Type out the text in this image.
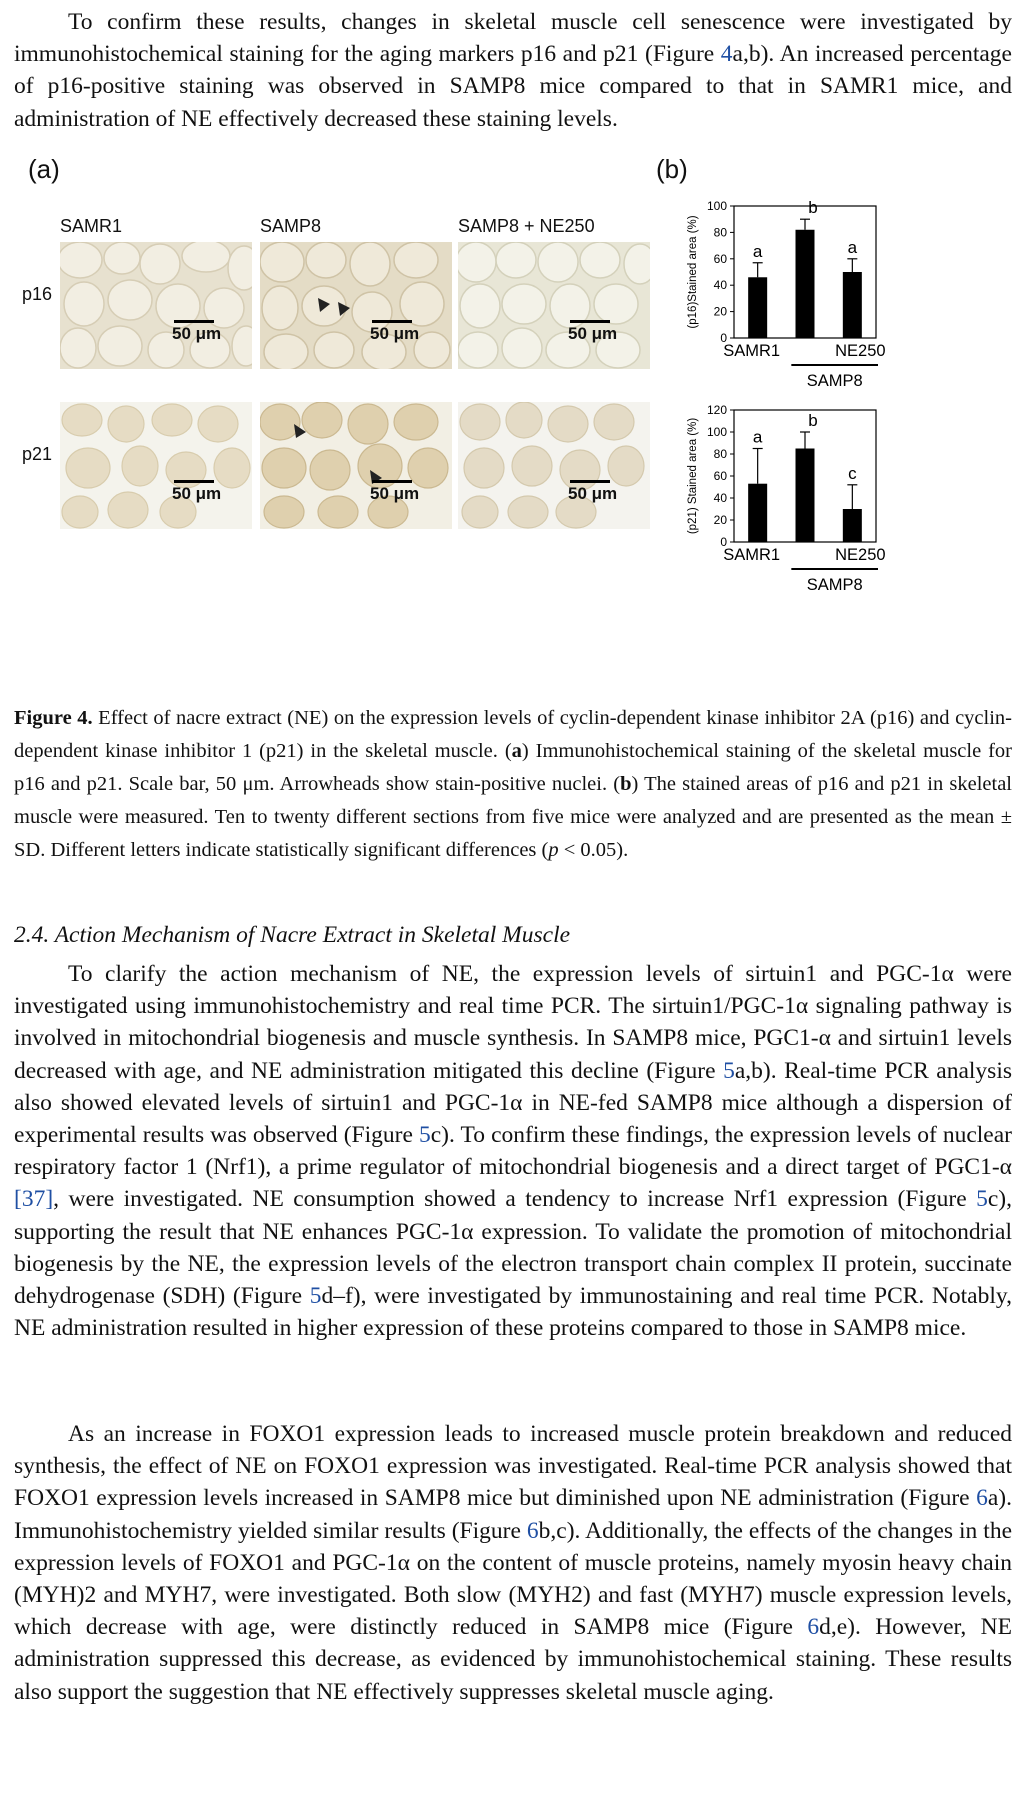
To confirm these results, changes in skeletal muscle cell senescence were investigated by immunohistochemical staining for the aging markers p16 and p21 (Figure 4a,b). An increased percentage of p16-positive staining was observed in SAMP8 mice compared to that in SAMR1 mice, and administration of NE effectively decreased these staining levels.

(a)	(b)
SAMR1	SAMP8	SAMP8 + NE250
p16
p21
50 μm	50 μm	50 μm
50 μm	50 μm	50 μm
0
20
40
60
80
100
(p16)Stained area (%)	a
SAMR1
b
a
NE250
SAMP8
0
20
40
60
80
100
120
(p21) Stained area (%)	a
SAMR1
b
c
NE250
SAMP8

Figure 4. Effect of nacre extract (NE) on the expression levels of cyclin-dependent kinase inhibitor 2A (p16) and cyclin-dependent kinase inhibitor 1 (p21) in the skeletal muscle. (a) Immunohistochemical staining of the skeletal muscle for p16 and p21. Scale bar, 50 μm. Arrowheads show stain-positive nuclei. (b) The stained areas of p16 and p21 in skeletal muscle were measured. Ten to twenty different sections from five mice were analyzed and are presented as the mean ± SD. Different letters indicate statistically significant differences (p < 0.05).

2.4. Action Mechanism of Nacre Extract in Skeletal Muscle

To clarify the action mechanism of NE, the expression levels of sirtuin1 and PGC-1α were investigated using immunohistochemistry and real time PCR. The sirtuin1/PGC-1α signaling pathway is involved in mitochondrial biogenesis and muscle synthesis. In SAMP8 mice, PGC1-α and sirtuin1 levels decreased with age, and NE administration mitigated this decline (Figure 5a,b). Real-time PCR analysis also showed elevated levels of sirtuin1 and PGC-1α in NE-fed SAMP8 mice although a dispersion of experimental results was observed (Figure 5c). To confirm these findings, the expression levels of nuclear respiratory factor 1 (Nrf1), a prime regulator of mitochondrial biogenesis and a direct target of PGC1-α [37], were investigated. NE consumption showed a tendency to increase Nrf1 expression (Figure 5c), supporting the result that NE enhances PGC-1α expression. To validate the promotion of mitochondrial biogenesis by the NE, the expression levels of the electron transport chain complex II protein, succinate dehydrogenase (SDH) (Figure 5d–f), were investigated by immunostaining and real time PCR. Notably, NE administration resulted in higher expression of these proteins compared to those in SAMP8 mice.

As an increase in FOXO1 expression leads to increased muscle protein breakdown and reduced synthesis, the effect of NE on FOXO1 expression was investigated. Real-time PCR analysis showed that FOXO1 expression levels increased in SAMP8 mice but diminished upon NE administration (Figure 6a). Immunohistochemistry yielded similar results (Figure 6b,c). Additionally, the effects of the changes in the expression levels of FOXO1 and PGC-1α on the content of muscle proteins, namely myosin heavy chain (MYH)2 and MYH7, were investigated. Both slow (MYH2) and fast (MYH7) muscle expression levels, which decrease with age, were distinctly reduced in SAMP8 mice (Figure 6d,e). However, NE administration suppressed this decrease, as evidenced by immunohistochemical staining. These results also support the suggestion that NE effectively suppresses skeletal muscle aging.
